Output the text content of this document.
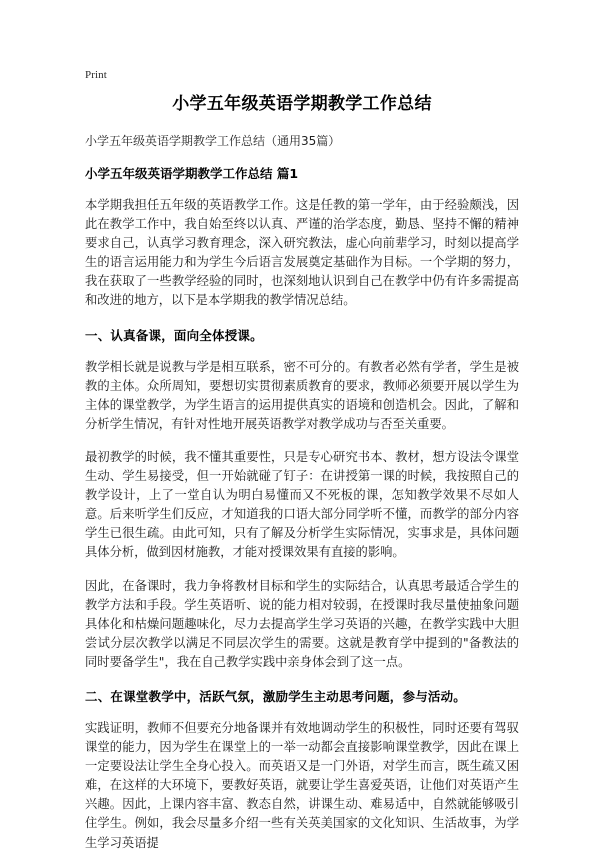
Print
小学五年级英语学期教学工作总结

小学五年级英语学期教学工作总结（通用35篇）

小学五年级英语学期教学工作总结 篇1

本学期我担任五年级的英语教学工作。这是任教的第一学年，由于经验颇浅，因此在教学工作中，我自始至终以认真、严谨的治学态度，勤恳、坚持不懈的精神要求自己，认真学习教育理念，深入研究教法，虚心向前辈学习，时刻以提高学生的语言运用能力和为学生今后语言发展奠定基础作为目标。一个学期的努力，我在获取了一些教学经验的同时，也深刻地认识到自己在教学中仍有许多需提高和改进的地方，以下是本学期我的教学情况总结。

一、认真备课，面向全体授课。

教学相长就是说教与学是相互联系，密不可分的。有教者必然有学者，学生是被教的主体。众所周知，要想切实贯彻素质教育的要求，教师必须要开展以学生为主体的课堂教学，为学生语言的运用提供真实的语境和创造机会。因此，了解和分析学生情况，有针对性地开展英语教学对教学成功与否至关重要。

最初教学的时候，我不懂其重要性，只是专心研究书本、教材，想方设法令课堂生动、学生易接受，但一开始就碰了钉子：在讲授第一课的时候，我按照自己的教学设计，上了一堂自认为明白易懂而又不死板的课，怎知教学效果不尽如人意。后来听学生们反应，才知道我的口语大部分同学听不懂，而教学的部分内容学生已很生疏。由此可知，只有了解及分析学生实际情况，实事求是，具体问题具体分析，做到因材施教，才能对授课效果有直接的影响。

因此，在备课时，我力争将教材目标和学生的实际结合，认真思考最适合学生的教学方法和手段。学生英语听、说的能力相对较弱，在授课时我尽量使抽象问题具体化和枯燥问题趣味化，尽力去提高学生学习英语的兴趣，在教学实践中大胆尝试分层次教学以满足不同层次学生的需要。这就是教育学中提到的"备教法的同时要备学生"，我在自己教学实践中亲身体会到了这一点。

二、在课堂教学中，活跃气氛，激励学生主动思考问题，参与活动。

实践证明，教师不但要充分地备课并有效地调动学生的积极性，同时还要有驾驭课堂的能力，因为学生在课堂上的一举一动都会直接影响课堂教学，因此在课上一定要设法让学生全身心投入。而英语又是一门外语，对学生而言，既生疏又困难，在这样的大环境下，要教好英语，就要让学生喜爱英语，让他们对英语产生兴趣。因此，上课内容丰富、教态自然，讲课生动、难易适中，自然就能够吸引住学生。例如，我会尽量多介绍一些有关英美国家的文化知识、生活故事，为学生学习英语提
